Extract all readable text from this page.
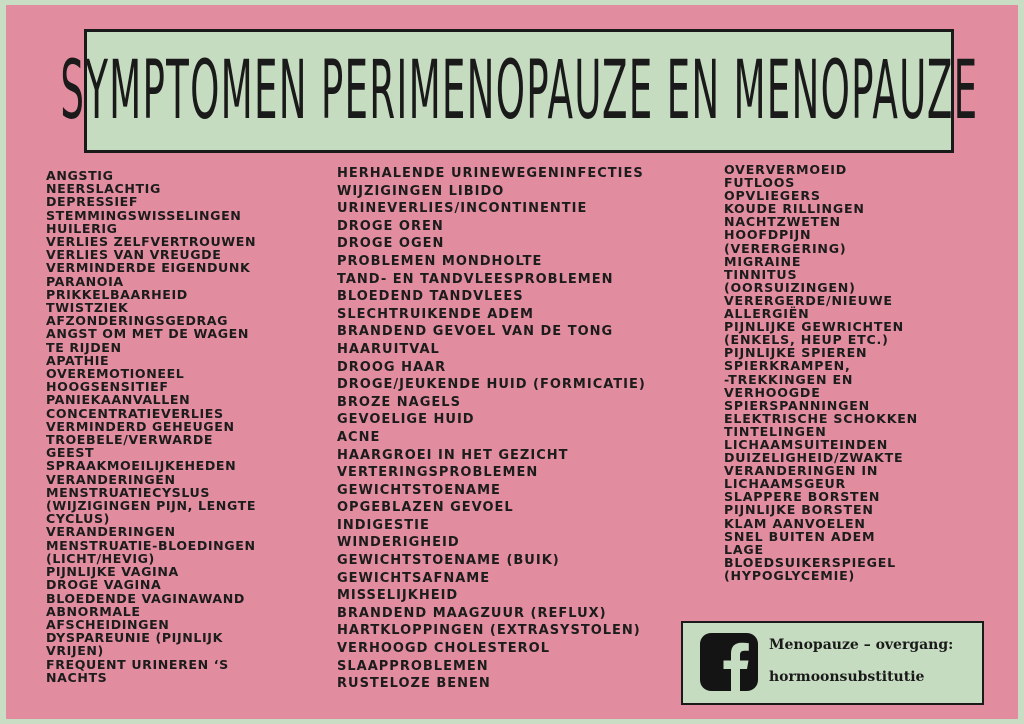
SYMPTOMEN PERIMENOPAUZE EN MENOPAUZE
ANGSTIG
NEERSLACHTIG
DEPRESSIEF
STEMMINGSWISSELINGEN
HUILERIG
VERLIES ZELFVERTROUWEN
VERLIES VAN VREUGDE
VERMINDERDE EIGENDUNK
PARANOIA
PRIKKELBAARHEID
TWISTZIEK
AFZONDERINGSGEDRAG
ANGST OM MET DE WAGEN
TE RIJDEN
APATHIE
OVEREMOTIONEEL
HOOGSENSITIEF
PANIEKAANVALLEN
CONCENTRATIEVERLIES
VERMINDERD GEHEUGEN
TROEBELE/VERWARDE
GEEST
SPRAAKMOEILIJKEHEDEN
VERANDERINGEN
MENSTRUATIECYSLUS
(WIJZIGINGEN PIJN, LENGTE
CYCLUS)
VERANDERINGEN
MENSTRUATIE-BLOEDINGEN
(LICHT/HEVIG)
PIJNLIJKE VAGINA
DROGE VAGINA
BLOEDENDE VAGINAWAND
ABNORMALE
AFSCHEIDINGEN
DYSPAREUNIE (PIJNLIJK
VRIJEN)
FREQUENT URINEREN ‘S
NACHTS
HERHALENDE URINEWEGENINFECTIES
WIJZIGINGEN LIBIDO
URINEVERLIES/INCONTINENTIE
DROGE OREN
DROGE OGEN
PROBLEMEN MONDHOLTE
TAND- EN TANDVLEESPROBLEMEN
BLOEDEND TANDVLEES
SLECHTRUIKENDE ADEM
BRANDEND GEVOEL VAN DE TONG
HAARUITVAL
DROOG HAAR
DROGE/JEUKENDE HUID (FORMICATIE)
BROZE NAGELS
GEVOELIGE HUID
ACNE
HAARGROEI IN HET GEZICHT
VERTERINGSPROBLEMEN
GEWICHTSTOENAME
OPGEBLAZEN GEVOEL
INDIGESTIE
WINDERIGHEID
GEWICHTSTOENAME (BUIK)
GEWICHTSAFNAME
MISSELIJKHEID
BRANDEND MAAGZUUR (REFLUX)
HARTKLOPPINGEN (EXTRASYSTOLEN)
VERHOOGD CHOLESTEROL
SLAAPPROBLEMEN
RUSTELOZE BENEN
OVERVERMOEID
FUTLOOS
OPVLIEGERS
KOUDE RILLINGEN
NACHTZWETEN
HOOFDPIJN
(VERERGERING)
MIGRAINE
TINNITUS
(OORSUIZINGEN)
VERERGERDE/NIEUWE
ALLERGIËN
PIJNLIJKE GEWRICHTEN
(ENKELS, HEUP ETC.)
PIJNLIJKE SPIEREN
SPIERKRAMPEN,
-TREKKINGEN EN
VERHOOGDE
SPIERSPANNINGEN
ELEKTRISCHE SCHOKKEN
TINTELINGEN
LICHAAMSUITEINDEN
DUIZELIGHEID/ZWAKTE
VERANDERINGEN IN
LICHAAMSGEUR
SLAPPERE BORSTEN
PIJNLIJKE BORSTEN
KLAM AANVOELEN
SNEL BUITEN ADEM
LAGE
BLOEDSUIKERSPIEGEL
(HYPOGLYCEMIE)
Menopauze – overgang:
hormoonsubstitutie
